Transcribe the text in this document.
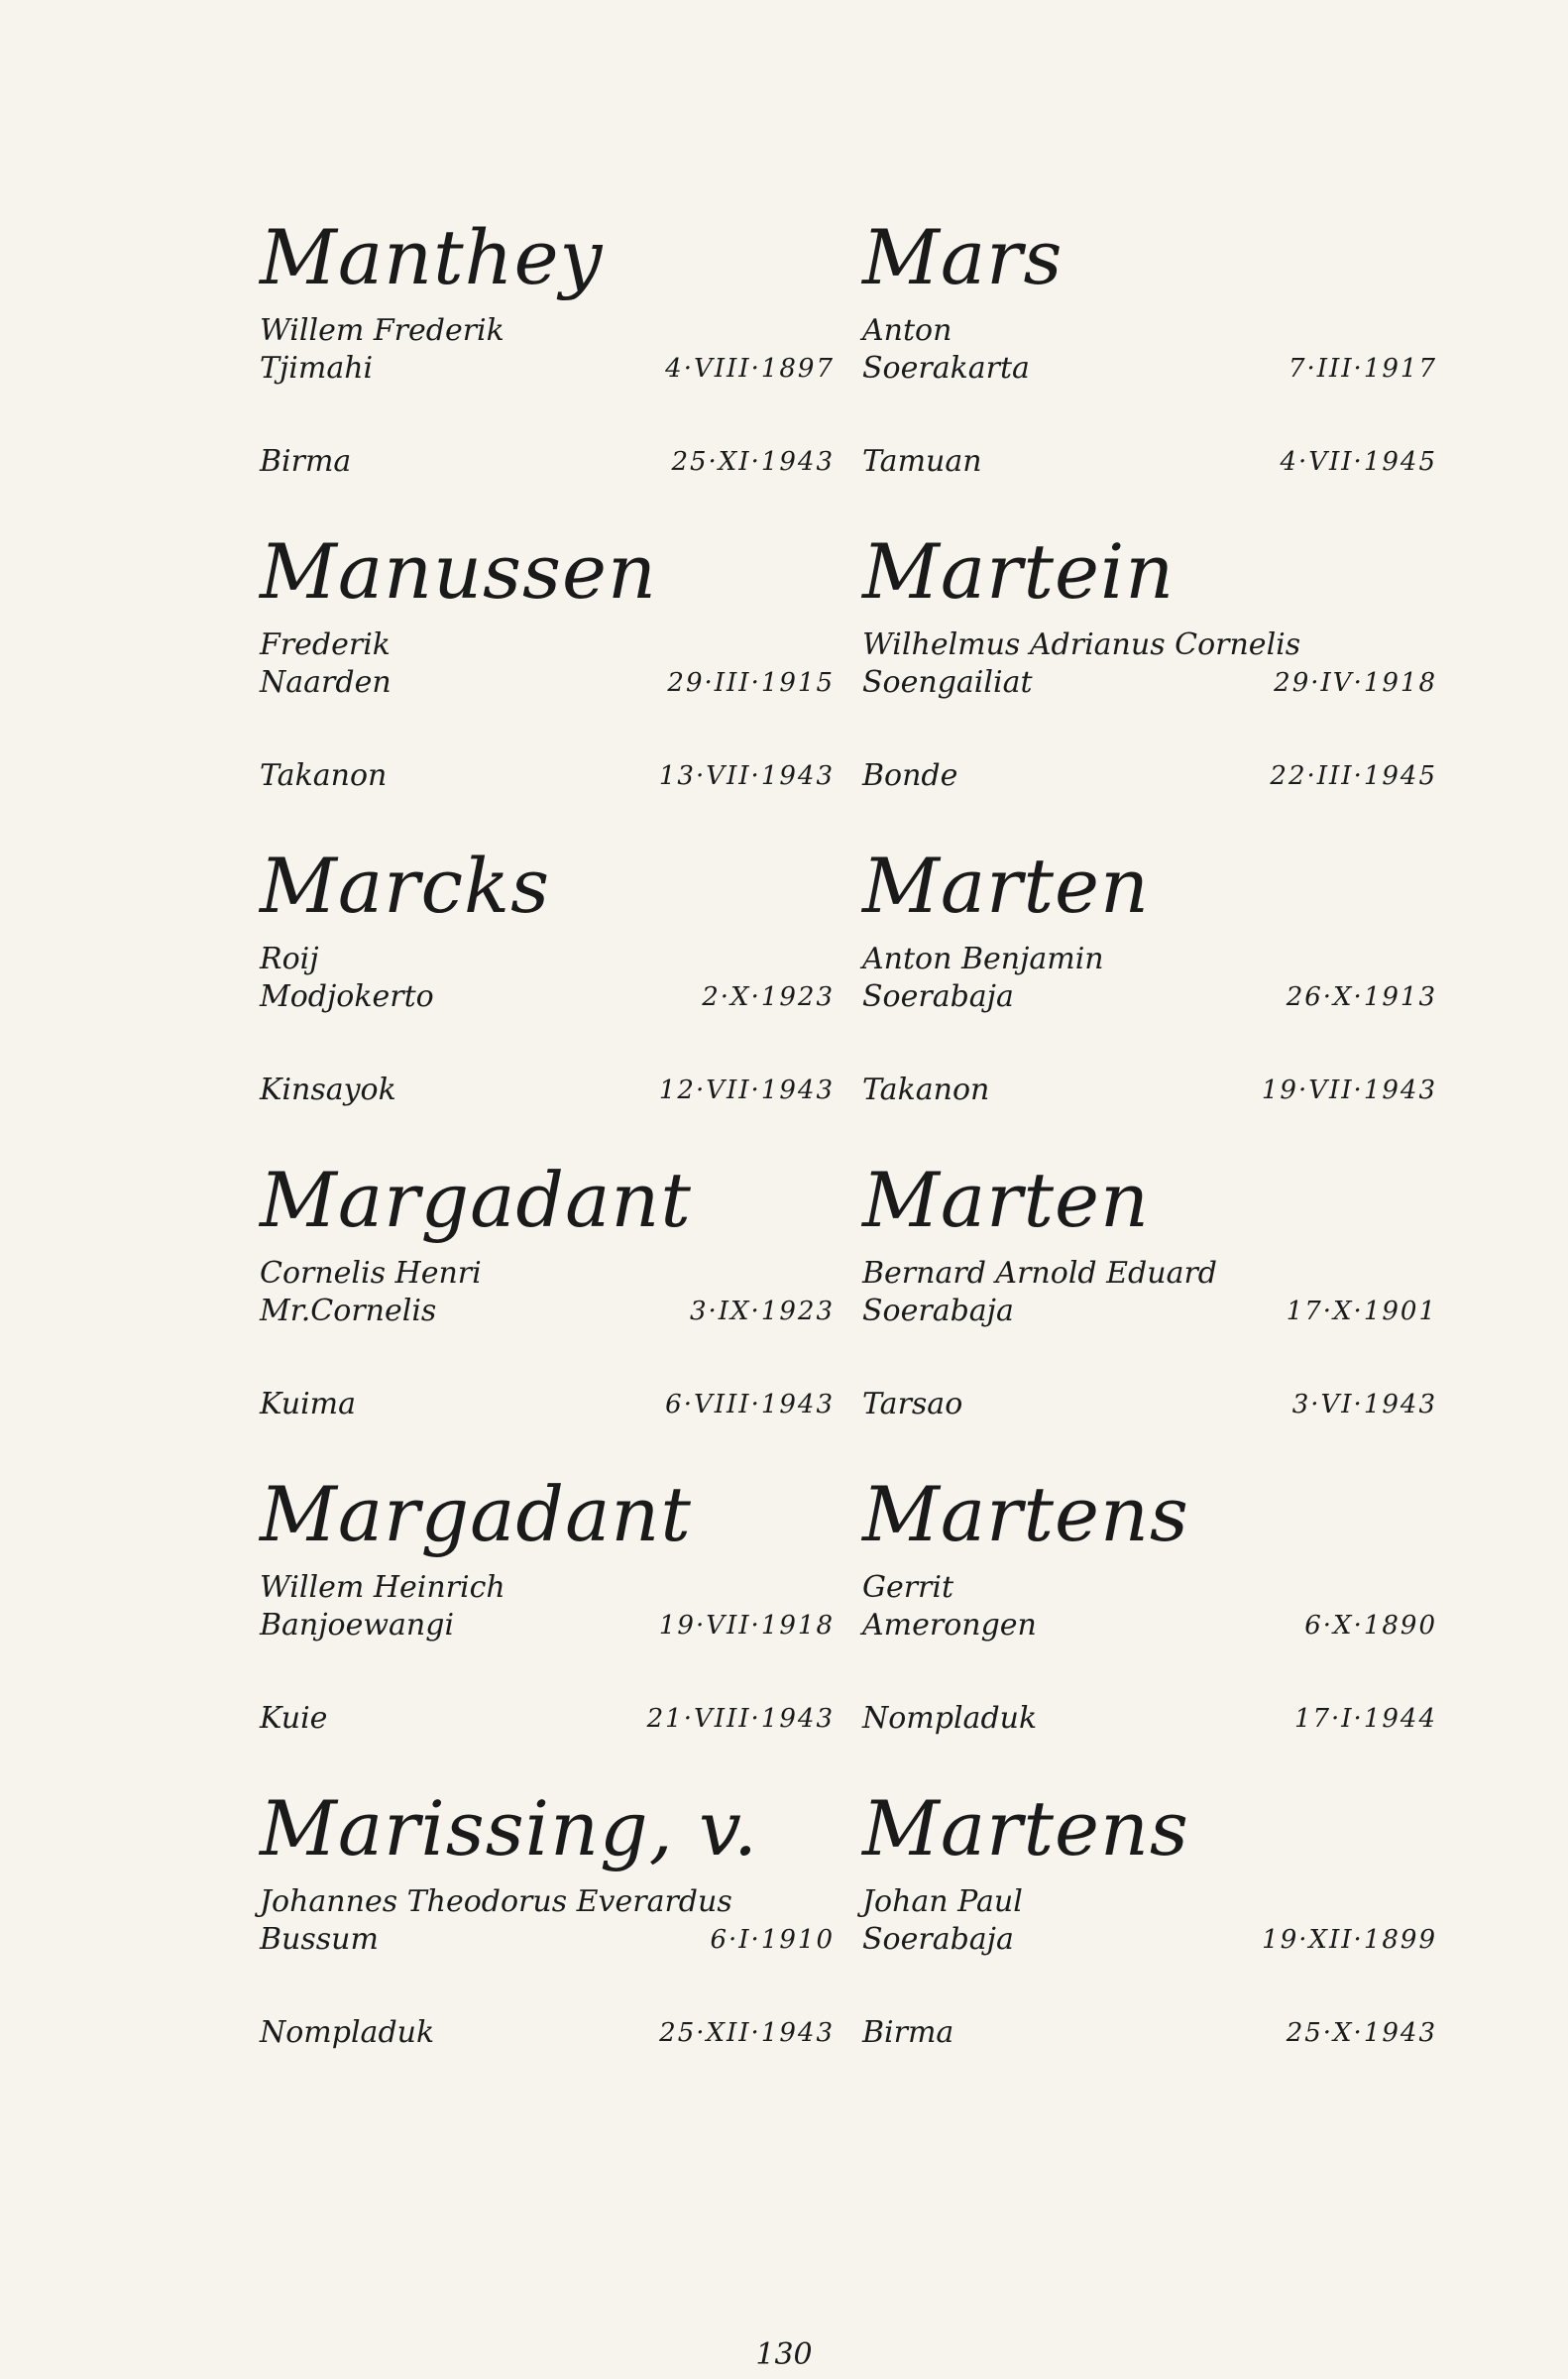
Manthey
Willem Frederik
Tjimahi	4·VIII·1897
Birma	25·XI·1943
Manussen
Frederik
Naarden	29·III·1915
Takanon	13·VII·1943
Marcks
Roij
Modjokerto	2·X·1923
Kinsayok	12·VII·1943
Margadant
Cornelis Henri
Mr.Cornelis	3·IX·1923
Kuima	6·VIII·1943
Margadant
Willem Heinrich
Banjoewangi	19·VII·1918
Kuie	21·VIII·1943
Marissing, v.
Johannes Theodorus Everardus
Bussum	6·I·1910
Nompladuk	25·XII·1943
Mars
Anton
Soerakarta	7·III·1917
Tamuan	4·VII·1945
Martein
Wilhelmus Adrianus Cornelis
Soengailiat	29·IV·1918
Bonde	22·III·1945
Marten
Anton Benjamin
Soerabaja	26·X·1913
Takanon	19·VII·1943
Marten
Bernard Arnold Eduard
Soerabaja	17·X·1901
Tarsao	3·VI·1943
Martens
Gerrit
Amerongen	6·X·1890
Nompladuk	17·I·1944
Martens
Johan Paul
Soerabaja	19·XII·1899
Birma	25·X·1943
130
